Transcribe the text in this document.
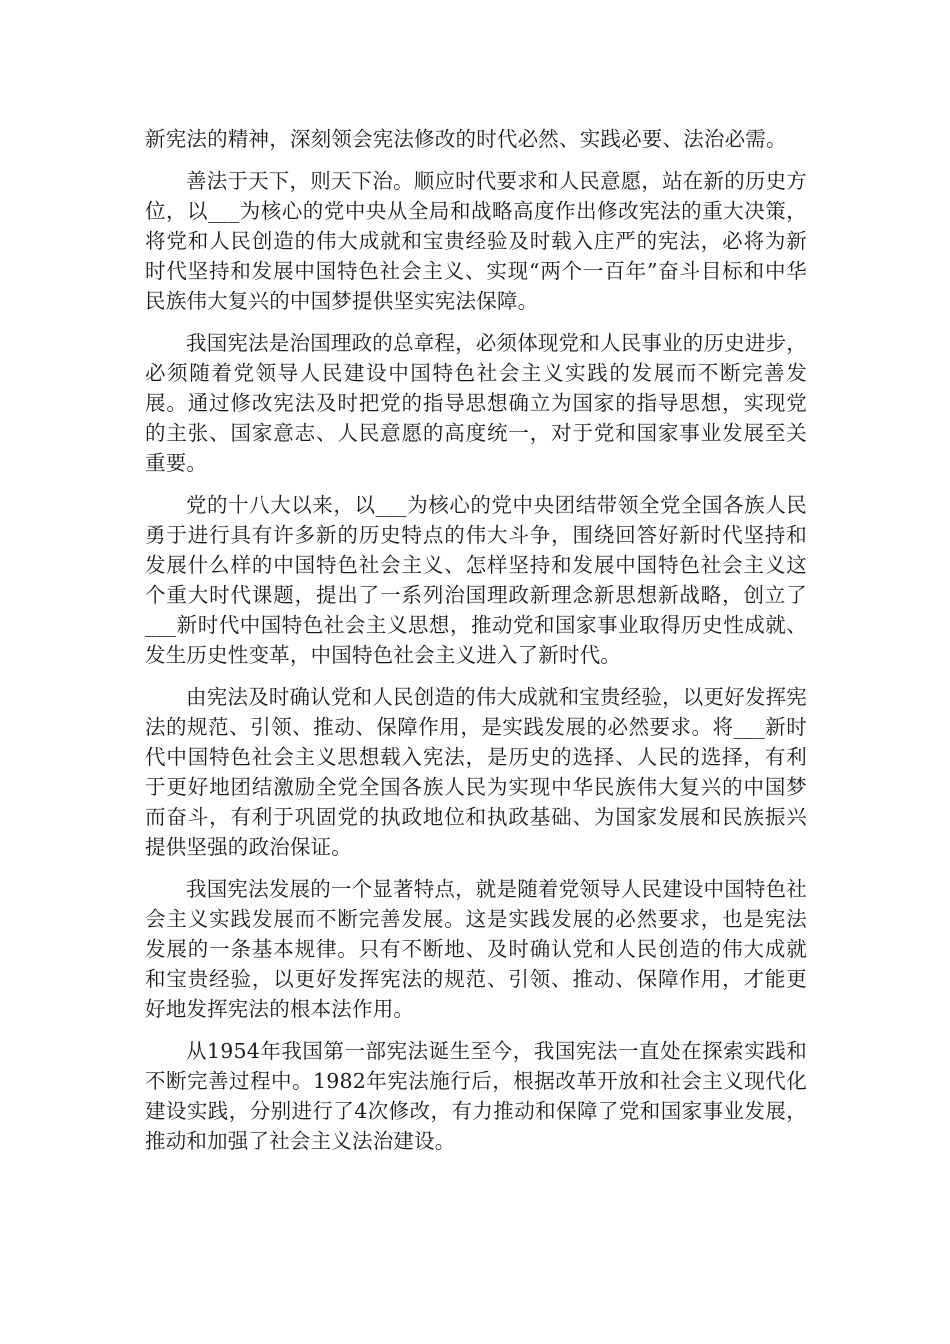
新宪法的精神，深刻领会宪法修改的时代必然、实践必要、法治必需。

善法于天下，则天下治。顺应时代要求和人民意愿，站在新的历史方位，以___为核心的党中央从全局和战略高度作出修改宪法的重大决策，将党和人民创造的伟大成就和宝贵经验及时载入庄严的宪法，必将为新时代坚持和发展中国特色社会主义、实现“两个一百年”奋斗目标和中华民族伟大复兴的中国梦提供坚实宪法保障。

我国宪法是治国理政的总章程，必须体现党和人民事业的历史进步，必须随着党领导人民建设中国特色社会主义实践的发展而不断完善发展。通过修改宪法及时把党的指导思想确立为国家的指导思想，实现党的主张、国家意志、人民意愿的高度统一，对于党和国家事业发展至关重要。

党的十八大以来，以___为核心的党中央团结带领全党全国各族人民勇于进行具有许多新的历史特点的伟大斗争，围绕回答好新时代坚持和发展什么样的中国特色社会主义、怎样坚持和发展中国特色社会主义这个重大时代课题，提出了一系列治国理政新理念新思想新战略，创立了___新时代中国特色社会主义思想，推动党和国家事业取得历史性成就、发生历史性变革，中国特色社会主义进入了新时代。

由宪法及时确认党和人民创造的伟大成就和宝贵经验，以更好发挥宪法的规范、引领、推动、保障作用，是实践发展的必然要求。将___新时代中国特色社会主义思想载入宪法，是历史的选择、人民的选择，有利于更好地团结激励全党全国各族人民为实现中华民族伟大复兴的中国梦而奋斗，有利于巩固党的执政地位和执政基础、为国家发展和民族振兴提供坚强的政治保证。

我国宪法发展的一个显著特点，就是随着党领导人民建设中国特色社会主义实践发展而不断完善发展。这是实践发展的必然要求，也是宪法发展的一条基本规律。只有不断地、及时确认党和人民创造的伟大成就和宝贵经验，以更好发挥宪法的规范、引领、推动、保障作用，才能更好地发挥宪法的根本法作用。

从1954年我国第一部宪法诞生至今，我国宪法一直处在探索实践和不断完善过程中。1982年宪法施行后，根据改革开放和社会主义现代化建设实践，分别进行了4次修改，有力推动和保障了党和国家事业发展，推动和加强了社会主义法治建设。
